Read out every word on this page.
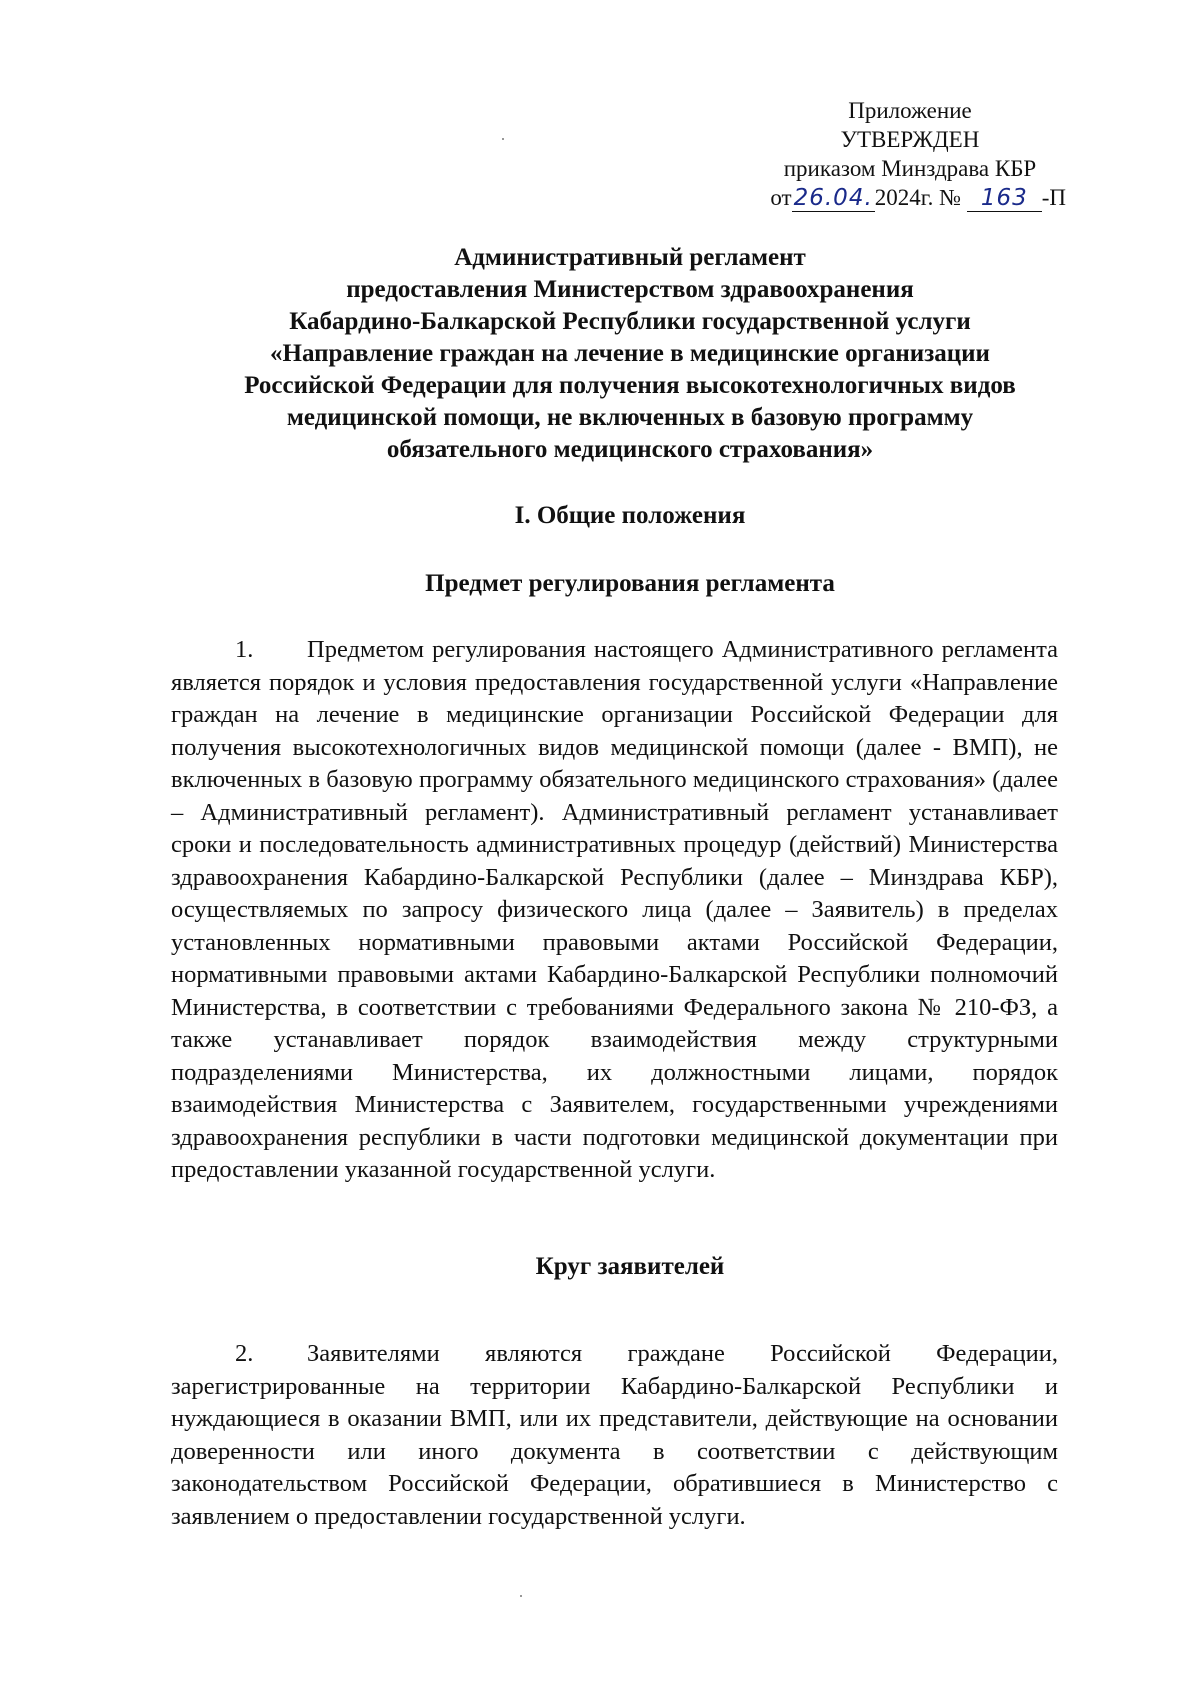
Приложение
УТВЕРЖДЕН
приказом Минздрава КБР
от26.04.2024г. № 163 -П
Административный регламент
предоставления Министерством здравоохранения
Кабардино-Балкарской Республики государственной услуги
«Направление граждан на лечение в медицинские организации
Российской Федерации для получения высокотехнологичных видов
медицинской помощи, не включенных в базовую программу
обязательного медицинского страхования»
I. Общие положения
Предмет регулирования регламента
1. Предметом регулирования настоящего Административного регламента является порядок и условия предоставления государственной услуги «Направление граждан на лечение в медицинские организации Российской Федерации для получения высокотехнологичных видов медицинской помощи (далее - ВМП), не включенных в базовую программу обязательного медицинского страхования» (далее – Административный регламент). Административный регламент устанавливает сроки и последовательность административных процедур (действий) Министерства здравоохранения Кабардино-Балкарской Республики (далее – Минздрава КБР), осуществляемых по запросу физического лица (далее – Заявитель) в пределах установленных нормативными правовыми актами Российской Федерации, нормативными правовыми актами Кабардино-Балкарской Республики полномочий Министерства, в соответствии с требованиями Федерального закона № 210-ФЗ, а также устанавливает порядок взаимодействия между структурными подразделениями Министерства, их должностными лицами, порядок взаимодействия Министерства с Заявителем, государственными учреждениями здравоохранения республики в части подготовки медицинской документации при предоставлении указанной государственной услуги.
Круг заявителей
2. Заявителями являются граждане Российской Федерации, зарегистрированные на территории Кабардино-Балкарской Республики и нуждающиеся в оказании ВМП, или их представители, действующие на основании доверенности или иного документа в соответствии с действующим законодательством Российской Федерации, обратившиеся в Министерство с заявлением о предоставлении государственной услуги.
